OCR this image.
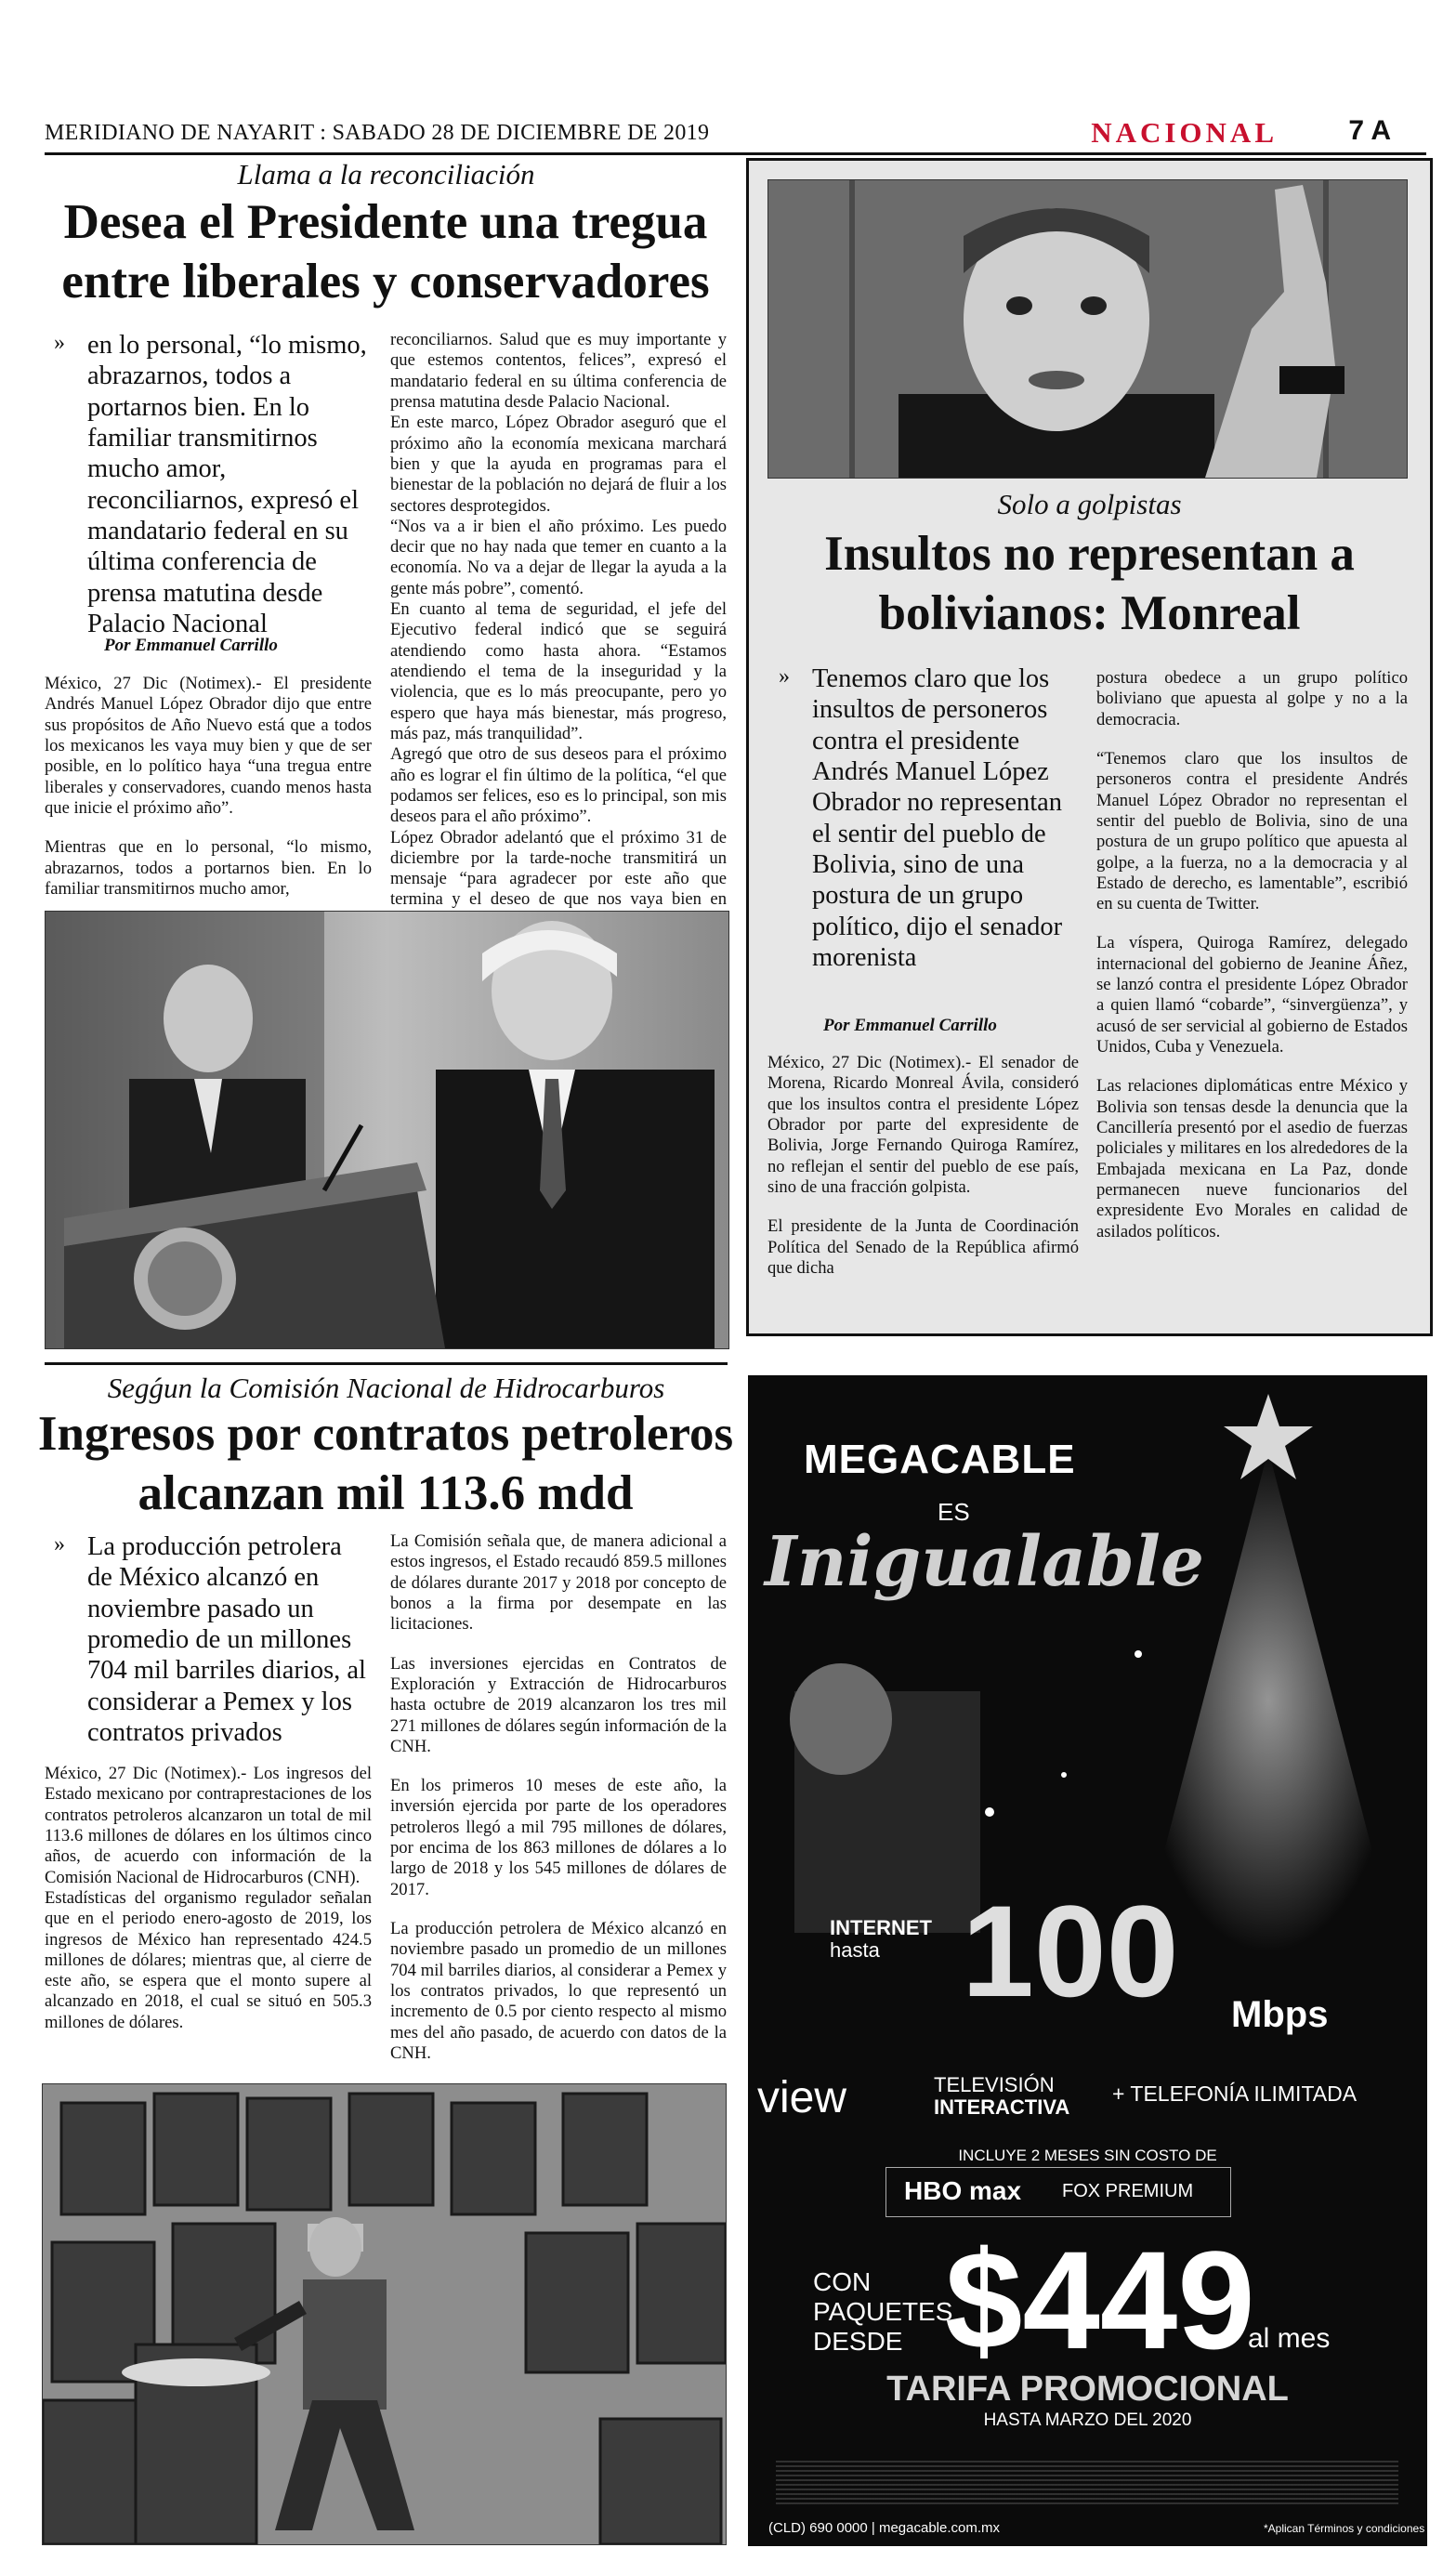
MERIDIANO DE NAYARIT : SABADO 28 DE DICIEMBRE DE 2019	NACIONAL	7 A
Llama a la reconciliación
Desea el Presidente una tregua entre liberales y conservadores
» en lo personal, “lo mismo, abrazarnos, todos a portarnos bien. En lo familiar transmitirnos mucho amor, reconciliarnos, expresó el mandatario federal en su última conferencia de prensa matutina desde Palacio Nacional
Por Emmanuel Carrillo

México, 27 Dic (Notimex).- El presidente Andrés Manuel López Obrador dijo que entre sus propósitos de Año Nuevo está que a todos los mexicanos les vaya muy bien y que de ser posible, en lo político haya “una tregua entre liberales y conservadores, cuando menos hasta que inicie el próximo año”.

Mientras que en lo personal, “lo mismo, abrazarnos, todos a portarnos bien. En lo familiar transmitirnos mucho amor,

reconciliarnos. Salud que es muy importante y que estemos contentos, felices”, expresó el mandatario federal en su última conferencia de prensa matutina desde Palacio Nacional.

En este marco, López Obrador aseguró que el próximo año la economía mexicana marchará bien y que la ayuda en programas para el bienestar de la población no dejará de fluir a los sectores desprotegidos.

“Nos va a ir bien el año próximo. Les puedo decir que no hay nada que temer en cuanto a la economía. No va a dejar de llegar la ayuda a la gente más pobre”, comentó.

En cuanto al tema de seguridad, el jefe del Ejecutivo federal indicó que se seguirá atendiendo como hasta ahora. “Estamos atendiendo el tema de la inseguridad y la violencia, que es lo más preocupante, pero yo espero que haya más bienestar, más progreso, más paz, más tranquilidad”.

Agregó que otro de sus deseos para el próximo año es lograr el fin último de la política, “el que podamos ser felices, eso es lo principal, son mis deseos para el año próximo”.

López Obrador adelantó que el próximo 31 de diciembre por la tarde-noche transmitirá un mensaje “para agradecer por este año que termina y el deseo de que nos vaya bien en

Solo a golpistas
Insultos no representan a bolivianos: Monreal
» Tenemos claro que los insultos de personeros contra el presidente Andrés Manuel López Obrador no representan el sentir del pueblo de Bolivia, sino de una postura de un grupo político, dijo el senador morenista
Por Emmanuel Carrillo

México, 27 Dic (Notimex).- El senador de Morena, Ricardo Monreal Ávila, consideró que los insultos contra el presidente López Obrador por parte del expresidente de Bolivia, Jorge Fernando Quiroga Ramírez, no reflejan el sentir del pueblo de ese país, sino de una fracción golpista.

El presidente de la Junta de Coordinación Política del Senado de la República afirmó que dicha

postura obedece a un grupo político boliviano que apuesta al golpe y no a la democracia.

“Tenemos claro que los insultos de personeros contra el presidente Andrés Manuel López Obrador no representan el sentir del pueblo de Bolivia, sino de una postura de un grupo político que apuesta al golpe, a la fuerza, no a la democracia y al Estado de derecho, es lamentable”, escribió en su cuenta de Twitter.

La víspera, Quiroga Ramírez, delegado internacional del gobierno de Jeanine Áñez, se lanzó contra el presidente López Obrador a quien llamó “cobarde”, “sinvergüenza”, y acusó de ser servicial al gobierno de Estados Unidos, Cuba y Venezuela.

Las relaciones diplomáticas entre México y Bolivia son tensas desde la denuncia que la Cancillería presentó por el asedio de fuerzas policiales y militares en los alrededores de la Embajada mexicana en La Paz, donde permanecen nueve funcionarios del expresidente Evo Morales en calidad de asilados políticos.

Segǵun la Comisión Nacional de Hidrocarburos
Ingresos por contratos petroleros alcanzan mil 113.6 mdd
» La producción petrolera de México alcanzó en noviembre pasado un promedio de un millones 704 mil barriles diarios, al considerar a Pemex y los contratos privados

México, 27 Dic (Notimex).- Los ingresos del Estado mexicano por contraprestaciones de los contratos petroleros alcanzaron un total de mil 113.6 millones de dólares en los últimos cinco años, de acuerdo con información de la Comisión Nacional de Hidrocarburos (CNH).

Estadísticas del organismo regulador señalan que en el periodo enero-agosto de 2019, los ingresos de México han representado 424.5 millones de dólares; mientras que, al cierre de este año, se espera que el monto supere al alcanzado en 2018, el cual se situó en 505.3 millones de dólares.

La Comisión señala que, de manera adicional a estos ingresos, el Estado recaudó 859.5 millones de dólares durante 2017 y 2018 por concepto de bonos a la firma por desempate en las licitaciones.

Las inversiones ejercidas en Contratos de Exploración y Extracción de Hidrocarburos hasta octubre de 2019 alcanzaron los tres mil 271 millones de dólares según información de la CNH.

En los primeros 10 meses de este año, la inversión ejercida por parte de los operadores petroleros llegó a mil 795 millones de dólares, por encima de los 863 millones de dólares a lo largo de 2018 y los 545 millones de dólares de 2017.

La producción petrolera de México alcanzó en noviembre pasado un promedio de un millones 704 mil barriles diarios, al considerar a Pemex y los contratos privados, lo que representó un incremento de 0.5 por ciento respecto al mismo mes del año pasado, de acuerdo con datos de la CNH.

MEGACABLE
ES
Inigualable
INTERNET
hasta 100 Mbps
view	TELEVISIÓN
INTERACTIVA
+ TELEFONÍA ILIMITADA
INCLUYE 2 MESES SIN COSTO DE
HBO max FOX PREMIUM
CON PAQUETES DESDE $449
al mes
TARIFA PROMOCIONAL
HASTA MARZO DEL 2020
(CLD) 690 0000 | megacable.com.mx	*Aplican Términos y condiciones
